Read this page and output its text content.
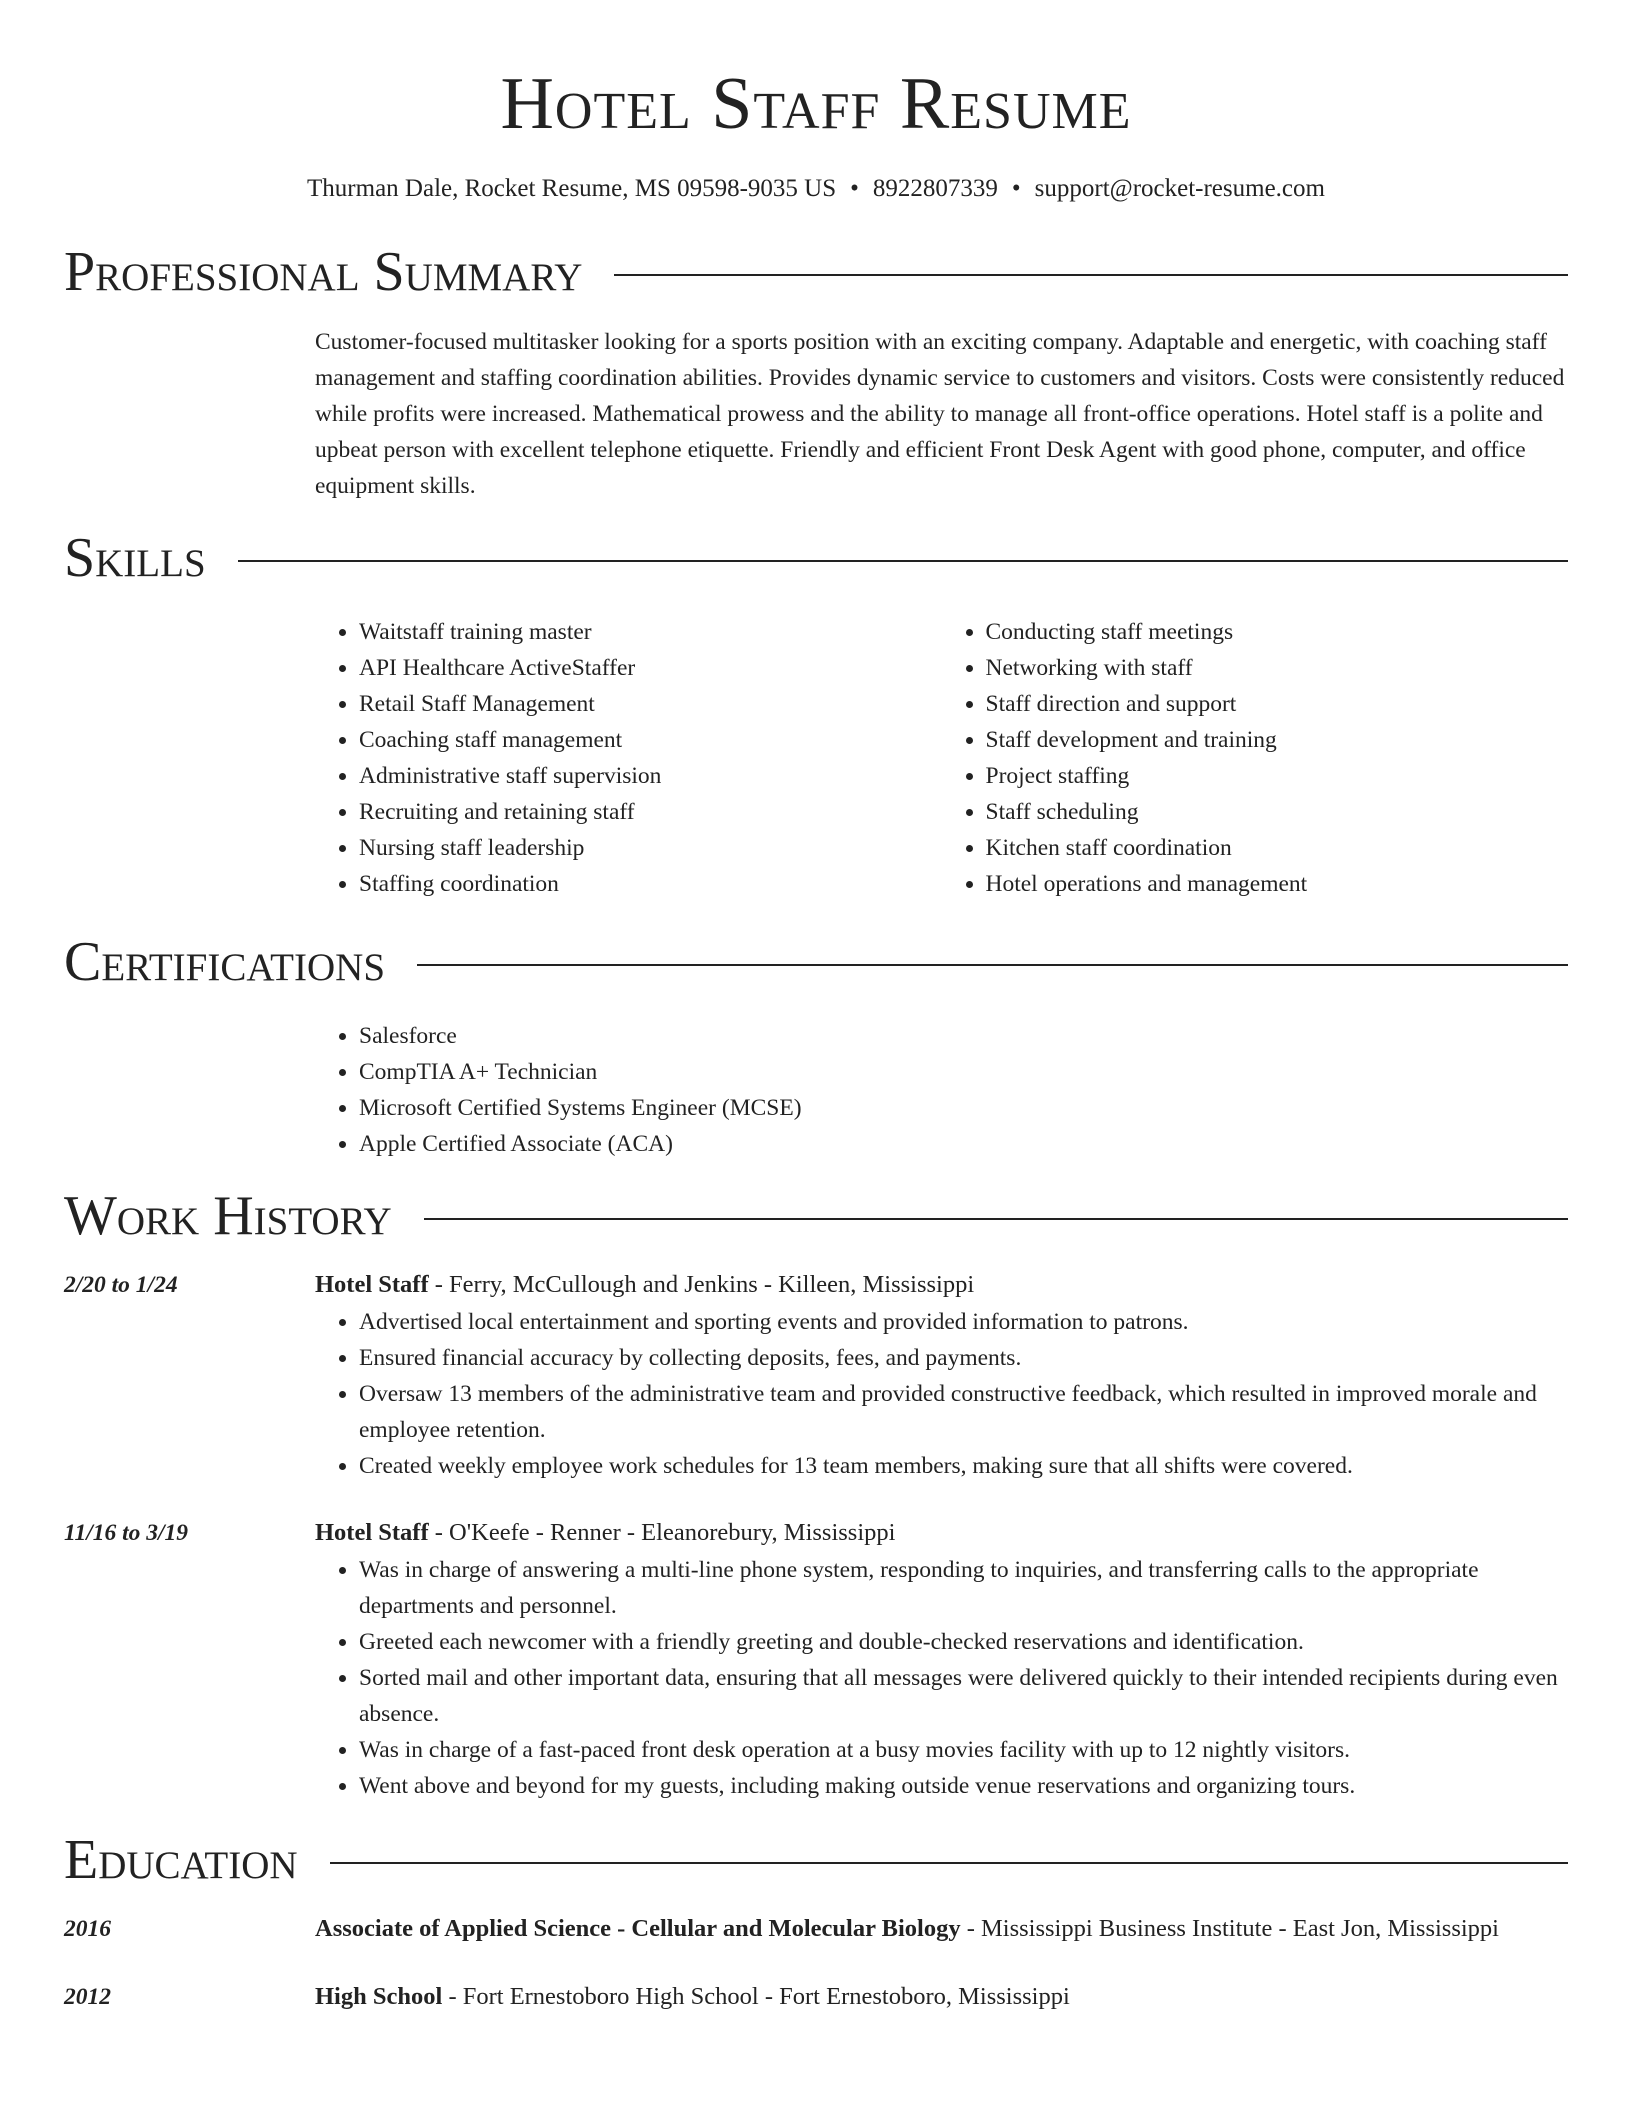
Hotel Staff Resume
Thurman Dale, Rocket Resume, MS 09598-9035 US • 8922807339 • support@rocket-resume.com
Professional Summary
Customer-focused multitasker looking for a sports position with an exciting company. Adaptable and energetic, with coaching staff management and staffing coordination abilities. Provides dynamic service to customers and visitors. Costs were consistently reduced while profits were increased. Mathematical prowess and the ability to manage all front-office operations. Hotel staff is a polite and upbeat person with excellent telephone etiquette. Friendly and efficient Front Desk Agent with good phone, computer, and office equipment skills.
Skills
• Waitstaff training master
• API Healthcare ActiveStaffer
• Retail Staff Management
• Coaching staff management
• Administrative staff supervision
• Recruiting and retaining staff
• Nursing staff leadership
• Staffing coordination
• Conducting staff meetings
• Networking with staff
• Staff direction and support
• Staff development and training
• Project staffing
• Staff scheduling
• Kitchen staff coordination
• Hotel operations and management
Certifications
• Salesforce
• CompTIA A+ Technician
• Microsoft Certified Systems Engineer (MCSE)
• Apple Certified Associate (ACA)
Work History
2/20 to 1/24	Hotel Staff - Ferry, McCullough and Jenkins - Killeen, Mississippi
• Advertised local entertainment and sporting events and provided information to patrons.
• Ensured financial accuracy by collecting deposits, fees, and payments.
• Oversaw 13 members of the administrative team and provided constructive feedback, which resulted in improved morale and employee retention.
• Created weekly employee work schedules for 13 team members, making sure that all shifts were covered.
11/16 to 3/19	Hotel Staff - O'Keefe - Renner - Eleanorebury, Mississippi
• Was in charge of answering a multi-line phone system, responding to inquiries, and transferring calls to the appropriate departments and personnel.
• Greeted each newcomer with a friendly greeting and double-checked reservations and identification.
• Sorted mail and other important data, ensuring that all messages were delivered quickly to their intended recipients during even absence.
• Was in charge of a fast-paced front desk operation at a busy movies facility with up to 12 nightly visitors.
• Went above and beyond for my guests, including making outside venue reservations and organizing tours.
Education
2016	Associate of Applied Science - Cellular and Molecular Biology - Mississippi Business Institute - East Jon, Mississippi
2012	High School - Fort Ernestoboro High School - Fort Ernestoboro, Mississippi
